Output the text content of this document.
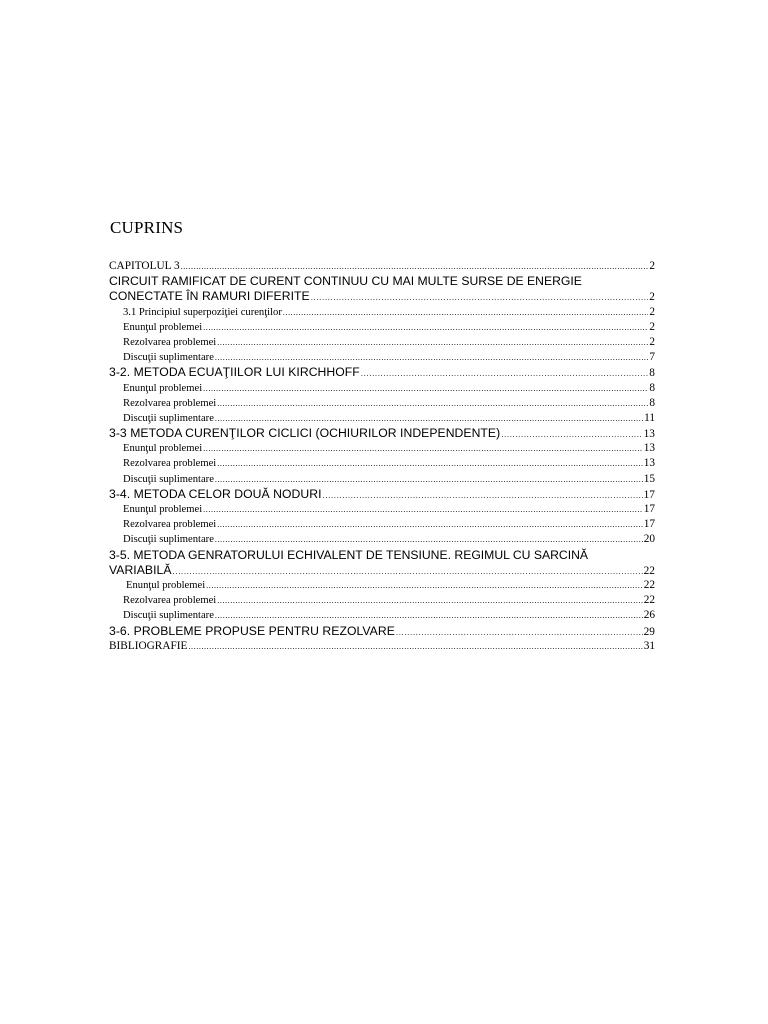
CUPRINS
CAPITOLUL 3 .....	2
CIRCUIT RAMIFICAT DE CURENT CONTINUU CU MAI MULTE SURSE DE ENERGIE
CONECTATE ÎN RAMURI DIFERITE .....	2
3.1 Principiul superpoziţiei curenţilor .....	2
Enunţul problemei .....	2
Rezolvarea problemei .....	2
Discuţii suplimentare .....	7
3-2. METODA ECUAŢIILOR LUI KIRCHHOFF .....	8
Enunţul problemei .....	8
Rezolvarea problemei .....	8
Discuţii suplimentare .....	11
3-3 METODA CURENŢILOR CICLICI (OCHIURILOR INDEPENDENTE) .....	13
Enunţul problemei .....	13
Rezolvarea problemei .....	13
Discuţii suplimentare .....	15
3-4. METODA CELOR DOUĂ NODURI .....	17
Enunţul problemei .....	17
Rezolvarea problemei .....	17
Discuţii suplimentare .....	20
3-5. METODA GENRATORULUI ECHIVALENT DE TENSIUNE. REGIMUL CU SARCINĂ
VARIABILĂ .....	22
Enunţul problemei .....	22
Rezolvarea problemei .....	22
Discuţii suplimentare .....	26
3-6. PROBLEME PROPUSE PENTRU REZOLVARE .....	29
BIBLIOGRAFIE .....	31
